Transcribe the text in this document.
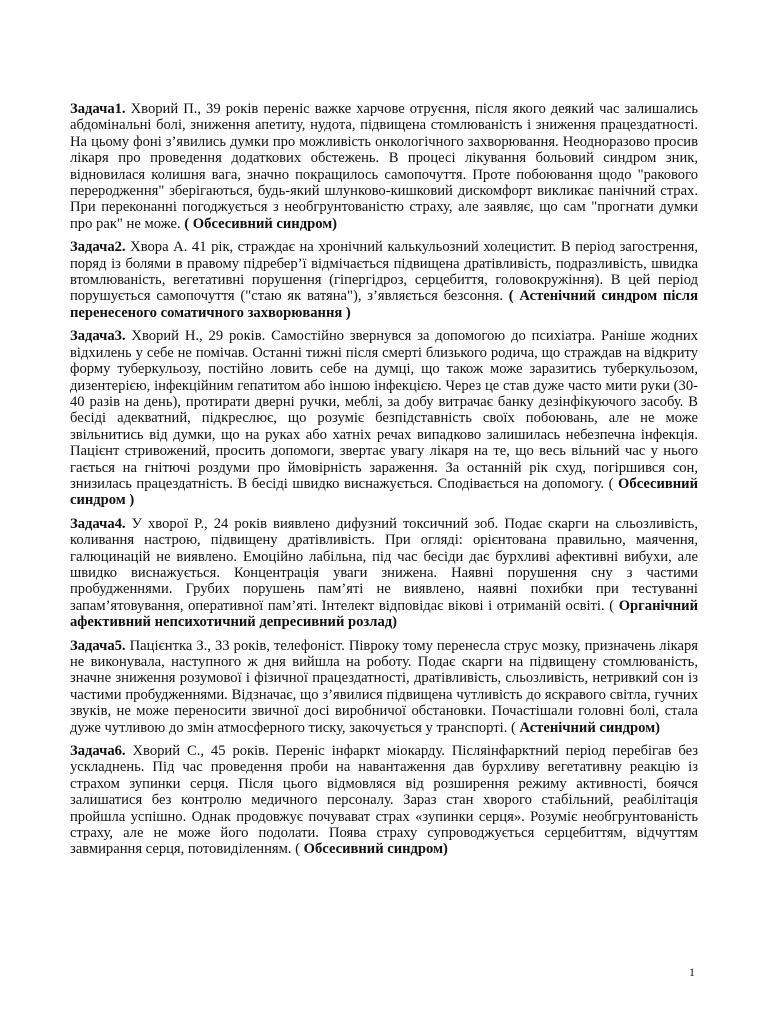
Задача1. Хворий П., 39 років переніс важке харчове отруєння, після якого деякий час залишались абдомінальні болі, зниження апетиту, нудота, підвищена стомлюваність і зниження працездатності. На цьому фоні з’явились думки про можливість онкологічного захворювання. Неодноразово просив лікаря про проведення додаткових обстежень. В процесі лікування больовий синдром зник, відновилася колишня вага, значно покращилось самопочуття. Проте побоювання щодо "ракового переродження" зберігаються, будь-який шлунково-кишковий дискомфорт викликає панічний страх. При переконанні погоджується з необгрунтованістю страху, але заявляє, що сам "прогнати думки про рак" не може. ( Обсесивний синдром)

Задача2. Хвора А. 41 рік, страждає на хронічний калькульозний холецистит. В період загострення, поряд із болями в правому підребер’ї відмічається підвищена дратівливість, подразливість, швидка втомлюваність, вегетативні порушення (гіпергідроз, серцебиття, головокружіння). В цей період порушується самопочуття ("стаю як ватяна"), з’являється безсоння. ( Астенічний синдром після перенесеного соматичного захворювання )

Задача3. Хворий Н., 29 років. Самостійно звернувся за допомогою до психіатра. Раніше жодних відхилень у себе не помічав. Останні тижні після смерті близького родича, що страждав на відкриту форму туберкульозу, постійно ловить себе на думці, що також може заразитись туберкульозом, дизентерією, інфекційним гепатитом або іншою інфекцією. Через це став дуже часто мити руки (30-40 разів на день), протирати дверні ручки, меблі, за добу витрачає банку дезінфікуючого засобу. В бесіді адекватний, підкреслює, що розуміє безпідставність своїх побоювань, але не може звільнитись від думки, що на руках або хатніх речах випадково залишилась небезпечна інфекція. Пацієнт стривожений, просить допомоги, звертає увагу лікаря на те, що весь вільний час у нього гається на гнітючі роздуми про ймовірність зараження. За останній рік схуд, погіршився сон, знизилась працездатність. В бесіді швидко виснажується. Сподівається на допомогу. ( Обсесивний синдром )

Задача4. У хворої Р., 24 років виявлено дифузний токсичний зоб. Подає скарги на сльозливість, коливання настрою, підвищену дратівливість. При огляді: орієнтована правильно, маячення, галюцинацій не виявлено. Емоційно лабільна, під час бесіди дає бурхливі афективні вибухи, але швидко виснажується. Концентрація уваги знижена. Наявні порушення сну з частими пробудженнями. Грубих порушень пам’яті не виявлено, наявні похибки при тестуванні запам’ятовування, оперативної пам’яті. Інтелект відповідає вікові і отриманій освіті. ( Органічний афективний непсихотичний депресивний розлад)

Задача5. Пацієнтка З., 33 років, телефоніст. Півроку тому перенесла струс мозку, призначень лікаря не виконувала, наступного ж дня вийшла на роботу. Подає скарги на підвищену стомлюваність, значне зниження розумової і фізичної працездатності, дратівливість, сльозливість, нетривкий сон із частими пробудженнями. Відзначає, що з’явилися підвищена чутливість до яскравого світла, гучних звуків, не може переносити звичної досі виробничої обстановки. Почастішали головні болі, стала дуже чутливою до змін атмосферного тиску, закочується у транспорті. ( Астенічний синдром)

Задача6. Хворий С., 45 років. Переніс інфаркт міокарду. Післяінфарктний період перебігав без ускладнень. Під час проведення проби на навантаження дав бурхливу вегетативну реакцію із страхом зупинки серця. Після цього відмовляся від розширення режиму активності, боячся залишатися без контролю медичного персоналу. Зараз стан хворого стабільний, реабілітація пройшла успішно. Однак продовжує почувават страх «зупинки серця». Розуміє необгрунтованість страху, але не може його подолати. Поява страху супроводжується серцебиттям, відчуттям завмирання серця, потовиділенням. ( Обсесивний синдром)

1
